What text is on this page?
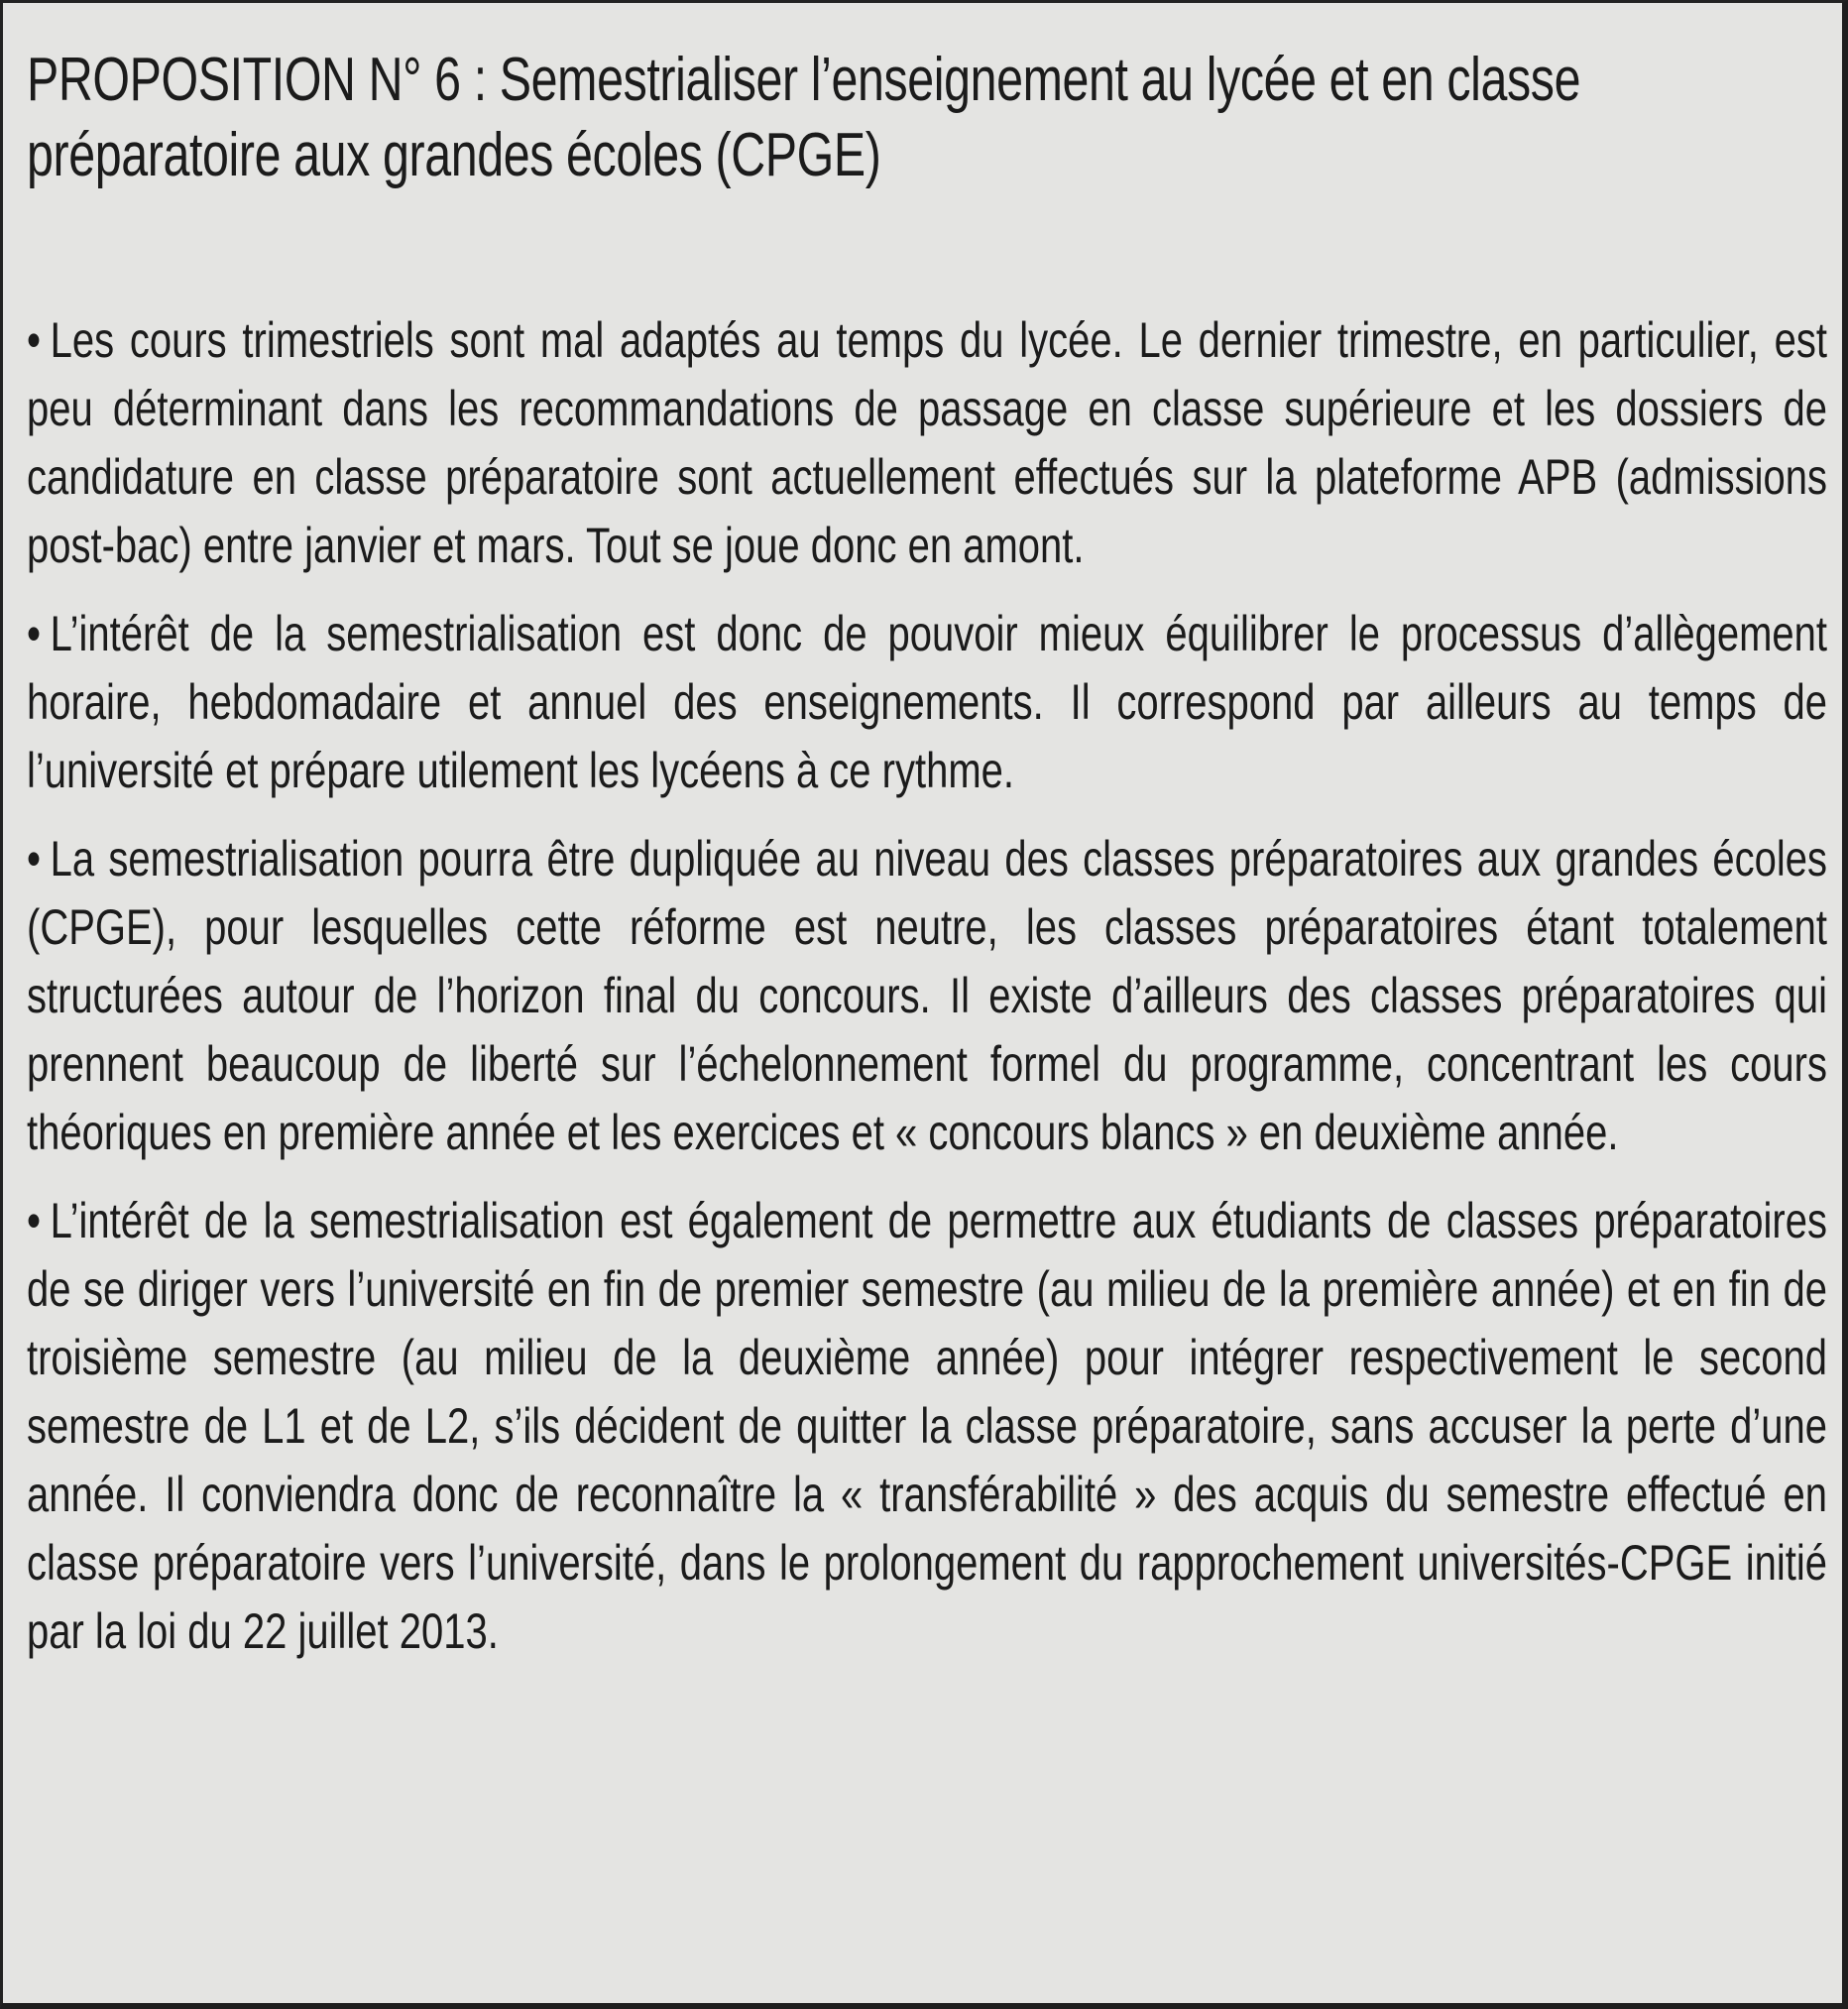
PROPOSITION N° 6 : Semestrialiser l’enseignement au lycée et en classe préparatoire aux grandes écoles (CPGE)

• Les cours trimestriels sont mal adaptés au temps du lycée. Le dernier trimestre, en particulier, est peu déterminant dans les recommandations de passage en classe supérieure et les dossiers de candidature en classe préparatoire sont actuellement effectués sur la plateforme APB (admissions post-bac) entre janvier et mars. Tout se joue donc en amont.

• L’intérêt de la semestrialisation est donc de pouvoir mieux équilibrer le processus d’allègement horaire, hebdomadaire et annuel des enseignements. Il correspond par ailleurs au temps de l’université et prépare utilement les lycéens à ce rythme.

• La semestrialisation pourra être dupliquée au niveau des classes préparatoires aux grandes écoles (CPGE), pour lesquelles cette réforme est neutre, les classes préparatoires étant totalement structurées autour de l’horizon final du concours. Il existe d’ailleurs des classes préparatoires qui prennent beaucoup de liberté sur l’échelonnement formel du programme, concentrant les cours théoriques en première année et les exercices et « concours blancs » en deuxième année.

• L’intérêt de la semestrialisation est également de permettre aux étudiants de classes préparatoires de se diriger vers l’université en fin de premier semestre (au milieu de la première année) et en fin de troisième semestre (au milieu de la deuxième année) pour intégrer respectivement le second semestre de L1 et de L2, s’ils décident de quitter la classe préparatoire, sans accuser la perte d’une année. Il conviendra donc de reconnaître la « transférabilité » des acquis du semestre effectué en classe préparatoire vers l’université, dans le prolongement du rapprochement universités-CPGE initié par la loi du 22 juillet 2013.
